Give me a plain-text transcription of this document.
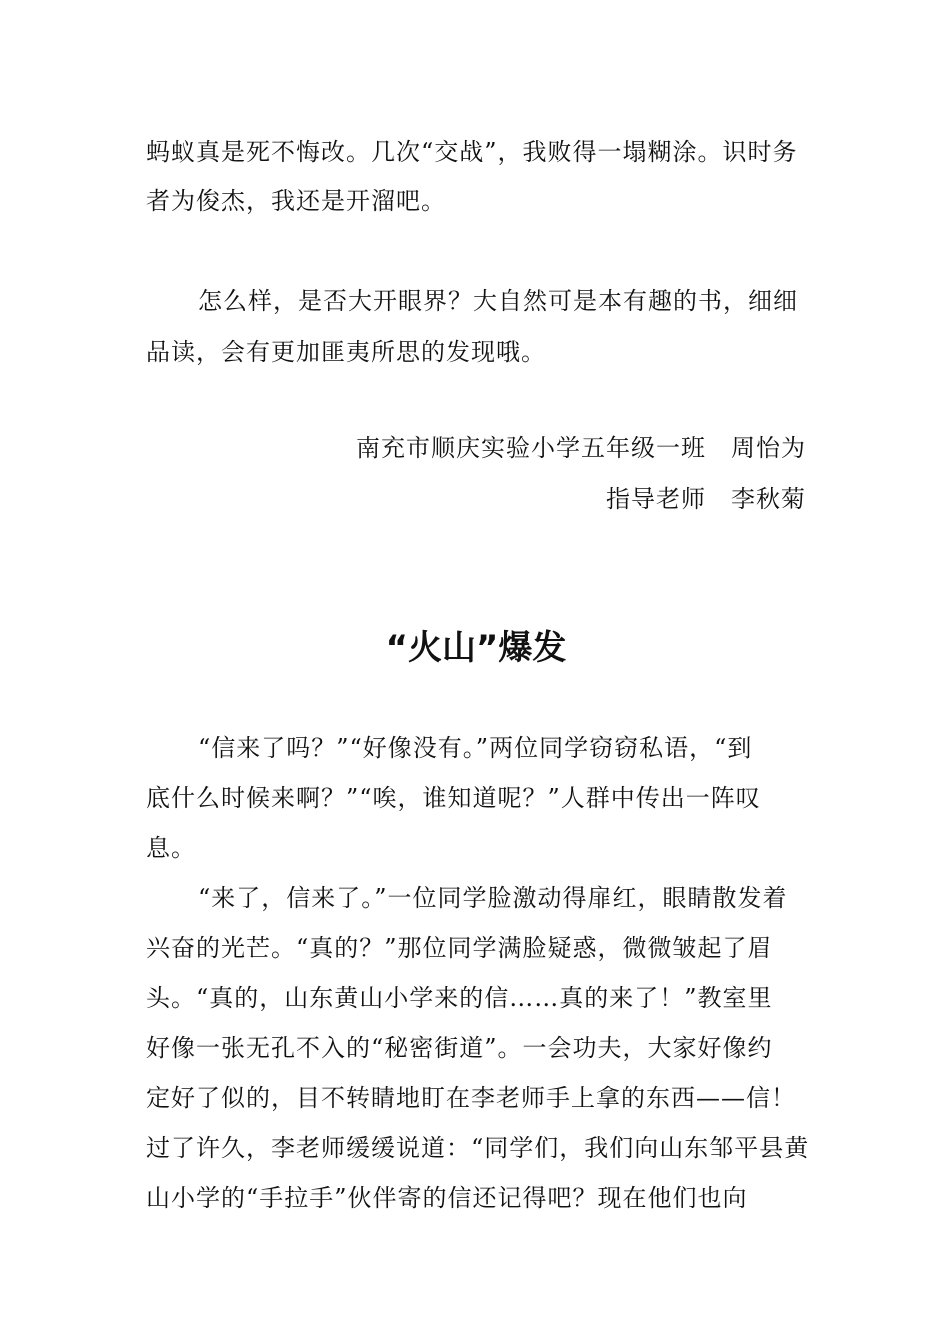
蚂蚁真是死不悔改。几次“交战”，我败得一塌糊涂。识时务
者为俊杰，我还是开溜吧。
怎么样，是否大开眼界？大自然可是本有趣的书，细细
品读，会有更加匪夷所思的发现哦。
南充市顺庆实验小学五年级一班　周怡为
指导老师　李秋菊
“火山”爆发
“信来了吗？”“好像没有。”两位同学窃窃私语，“到
底什么时候来啊？”“唉，谁知道呢？”人群中传出一阵叹
息。
“来了，信来了。”一位同学脸激动得扉红，眼睛散发着
兴奋的光芒。“真的？”那位同学满脸疑惑，微微皱起了眉
头。“真的，山东黄山小学来的信……真的来了！”教室里
好像一张无孔不入的“秘密街道”。一会功夫，大家好像约
定好了似的，目不转睛地盯在李老师手上拿的东西——信！
过了许久，李老师缓缓说道：“同学们，我们向山东邹平县黄
山小学的“手拉手”伙伴寄的信还记得吧？现在他们也向
